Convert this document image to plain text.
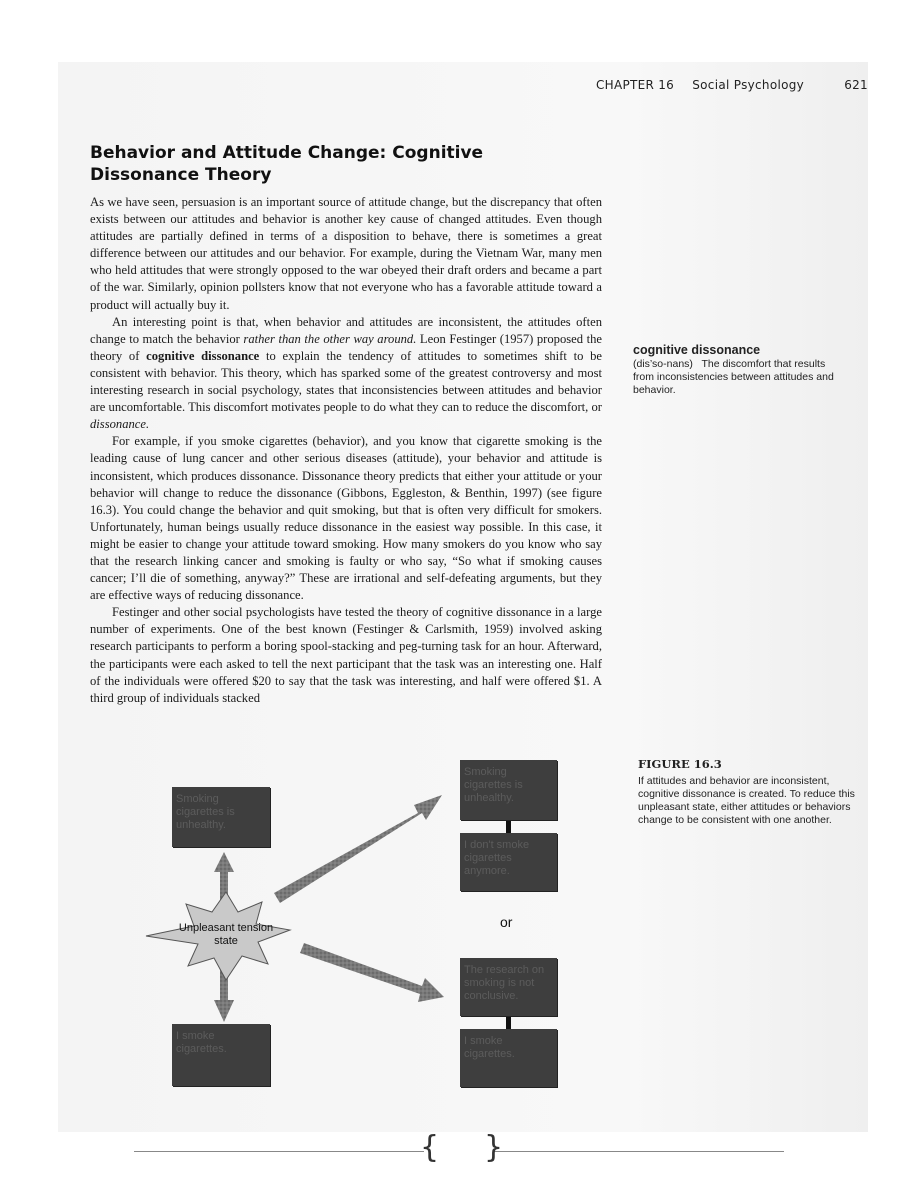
CHAPTER 16 Social Psychology	621
Behavior and Attitude Change: Cognitive Dissonance Theory

As we have seen, persuasion is an important source of attitude change, but the discrepancy that often exists between our attitudes and behavior is another key cause of changed attitudes. Even though attitudes are partially defined in terms of a disposition to behave, there is sometimes a great difference between our attitudes and our behavior. For example, during the Vietnam War, many men who held attitudes that were strongly opposed to the war obeyed their draft orders and became a part of the war. Similarly, opinion pollsters know that not everyone who has a favorable attitude toward a product will actually buy it.

An interesting point is that, when behavior and attitudes are inconsistent, the attitudes often change to match the behavior rather than the other way around. Leon Festinger (1957) proposed the theory of cognitive dissonance to explain the tendency of attitudes to sometimes shift to be consistent with behavior. This theory, which has sparked some of the greatest controversy and most interesting research in social psychology, states that inconsistencies between attitudes and behavior are uncomfortable. This discomfort motivates people to do what they can to reduce the discomfort, or dissonance.

For example, if you smoke cigarettes (behavior), and you know that cigarette smoking is the leading cause of lung cancer and other serious diseases (attitude), your behavior and attitude is inconsistent, which produces dissonance. Dissonance theory predicts that either your attitude or your behavior will change to reduce the dissonance (Gibbons, Eggleston, & Benthin, 1997) (see figure 16.3). You could change the behavior and quit smoking, but that is often very difficult for smokers. Unfortunately, human beings usually reduce dissonance in the easiest way possible. In this case, it might be easier to change your attitude toward smoking. How many smokers do you know who say that the research linking cancer and smoking is faulty or who say, “So what if smoking causes cancer; I’ll die of something, anyway?” These are irrational and self-defeating arguments, but they are effective ways of reducing dissonance.

Festinger and other social psychologists have tested the theory of cognitive dissonance in a large number of experiments. One of the best known (Festinger & Carlsmith, 1959) involved asking research participants to perform a boring spool-stacking and peg-turning task for an hour. Afterward, the participants were each asked to tell the next participant that the task was an interesting one. Half of the individuals were offered $20 to say that the task was interesting, and half were offered $1. A third group of individuals stacked

cognitive dissonance
(dis’so-nans) The discomfort that results from inconsistencies between attitudes and behavior.
FIGURE 16.3
If attitudes and behavior are inconsistent, cognitive dissonance is created. To reduce this unpleasant state, either attitudes or behaviors change to be consistent with one another.
Smoking cigarettes is unhealthy.
Unpleasant tension state
I smoke cigarettes.
Smoking cigarettes is unhealthy.
I don't smoke cigarettes anymore.
or
The research on smoking is not conclusive.
I smoke cigarettes.
{ }
